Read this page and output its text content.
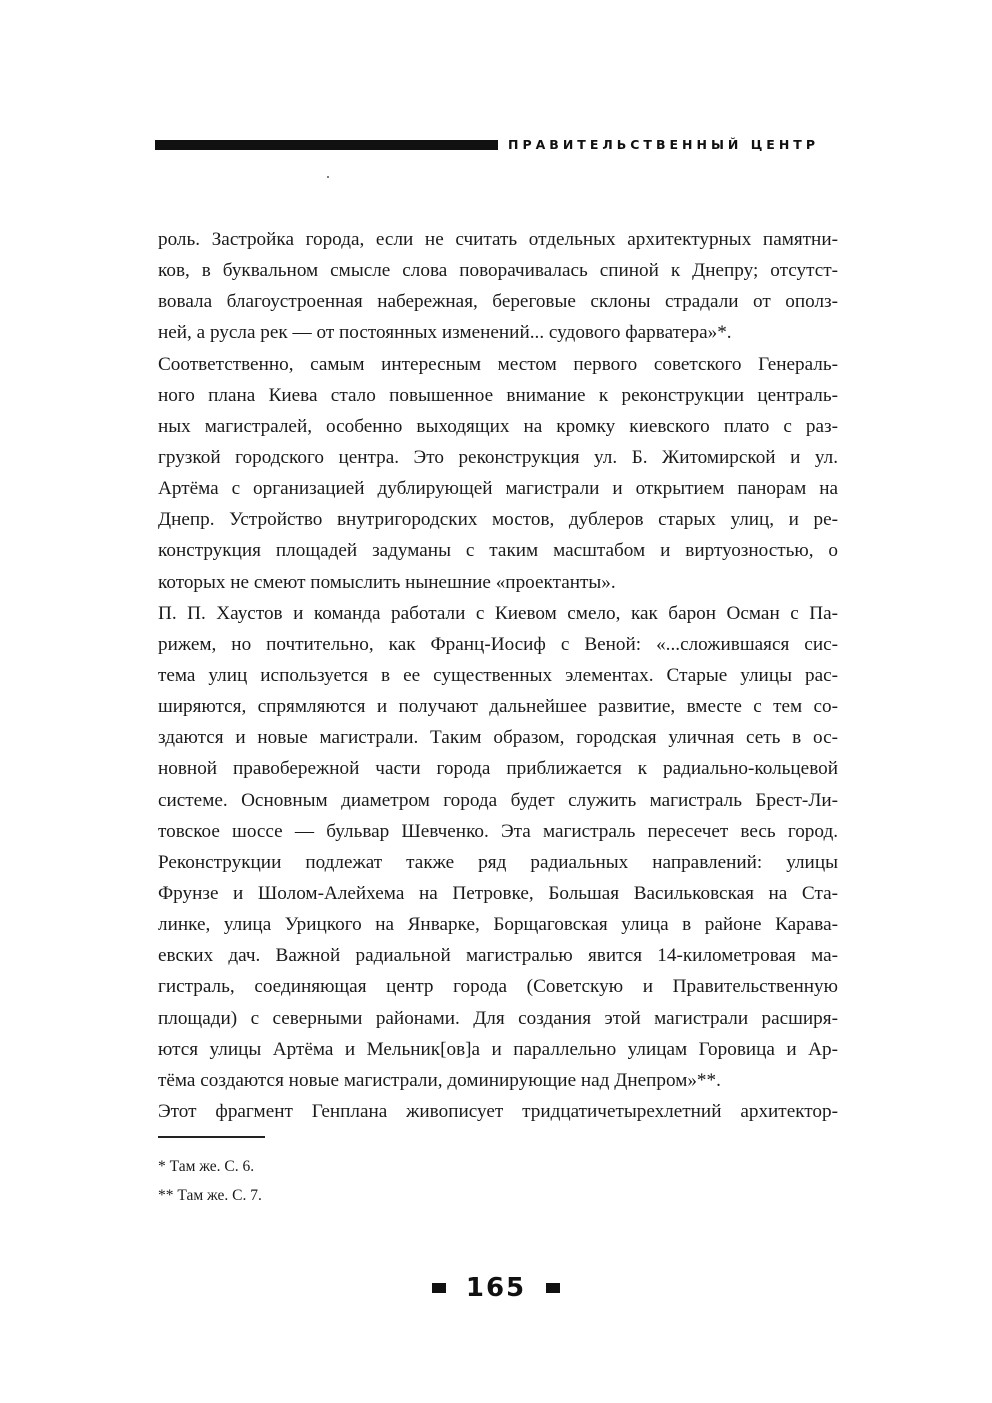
ПРАВИТЕЛЬСТВЕННЫЙ ЦЕНТР
роль. Застройка города, если не считать отдельных архитектурных памятни-
ков, в буквальном смысле слова поворачивалась спиной к Днепру; отсутст-
вовала благоустроенная набережная, береговые склоны страдали от ополз-
ней, а русла рек — от постоянных изменений... судового фарватера»*.
Соответственно, самым интересным местом первого советского Генераль-
ного плана Киева стало повышенное внимание к реконструкции централь-
ных магистралей, особенно выходящих на кромку киевского плато с раз-
грузкой городского центра. Это реконструкция ул. Б. Житомирской и ул.
Артёма с организацией дублирующей магистрали и открытием панорам на
Днепр. Устройство внутригородских мостов, дублеров старых улиц, и ре-
конструкция площадей задуманы с таким масштабом и виртуозностью, о
которых не смеют помыслить нынешние «проектанты».
П. П. Хаустов и команда работали с Киевом смело, как барон Осман с Па-
рижем, но почтительно, как Франц-Иосиф с Веной: «...сложившаяся сис-
тема улиц используется в ее существенных элементах. Старые улицы рас-
ширяются, спрямляются и получают дальнейшее развитие, вместе с тем со-
здаются и новые магистрали. Таким образом, городская уличная сеть в ос-
новной правобережной части города приближается к радиально-кольцевой
системе. Основным диаметром города будет служить магистраль Брест-Ли-
товское шоссе — бульвар Шевченко. Эта магистраль пересечет весь город.
Реконструкции подлежат также ряд радиальных направлений: улицы
Фрунзе и Шолом-Алейхема на Петровке, Большая Васильковская на Ста-
линке, улица Урицкого на Январке, Борщаговская улица в районе Карава-
евских дач. Важной радиальной магистралью явится 14-километровая ма-
гистраль, соединяющая центр города (Советскую и Правительственную
площади) с северными районами. Для создания этой магистрали расширя-
ются улицы Артёма и Мельник[ов]а и параллельно улицам Горовица и Ар-
тёма создаются новые магистрали, доминирующие над Днепром»**.
Этот фрагмент Генплана живописует тридцатичетырехлетний архитектор-
* Там же. С. 6.
** Там же. С. 7.
165
